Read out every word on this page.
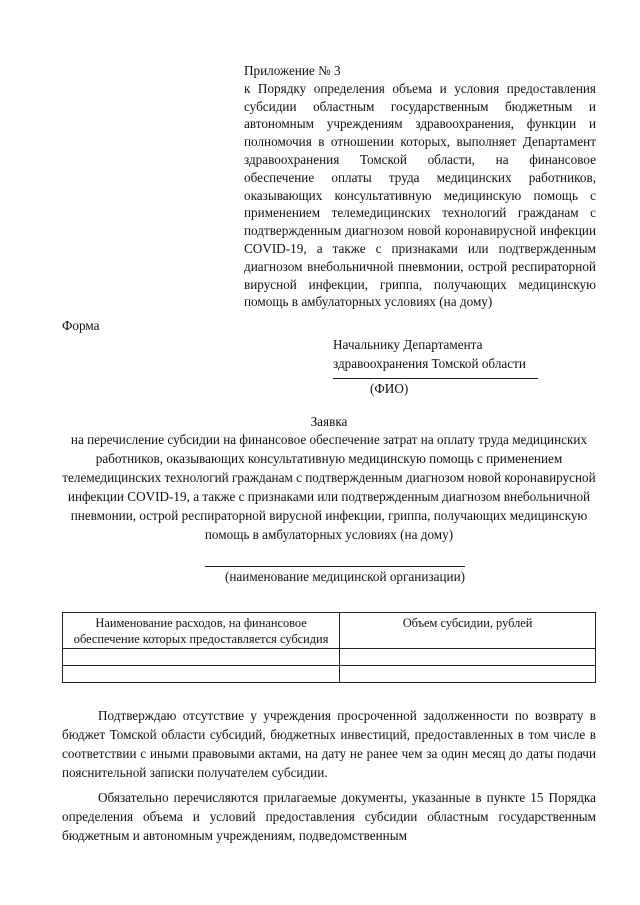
Приложение № 3
к Порядку определения объема и условия предоставления субсидии областным государственным бюджетным и автономным учреждениям здравоохранения, функции и полномочия в отношении которых, выполняет Департамент здравоохранения Томской области, на финансовое обеспечение оплаты труда медицинских работников, оказывающих консультативную медицинскую помощь с применением телемедицинских технологий гражданам с подтвержденным диагнозом новой коронавирусной инфекции COVID-19, а также с признаками или подтвержденным диагнозом внебольничной пневмонии, острой респираторной вирусной инфекции, гриппа, получающих медицинскую помощь в амбулаторных условиях (на дому)
Форма
Начальнику Департамента
здравоохранения Томской области
(ФИО)
Заявка
на перечисление субсидии на финансовое обеспечение затрат на оплату труда медицинских работников, оказывающих консультативную медицинскую помощь с применением телемедицинских технологий гражданам с подтвержденным диагнозом новой коронавирусной инфекции COVID-19, а также с признаками или подтвержденным диагнозом внебольничной пневмонии, острой респираторной вирусной инфекции, гриппа, получающих медицинскую помощь в амбулаторных условиях (на дому)
(наименование медицинской организации)
Наименование расходов, на финансовое обеспечение которых предоставляется субсидия	Объем субсидии, рублей

Подтверждаю отсутствие у учреждения просроченной задолженности по возврату в бюджет Томской области субсидий, бюджетных инвестиций, предоставленных в том числе в соответствии с иными правовыми актами, на дату не ранее чем за один месяц до даты подачи пояснительной записки получателем субсидии.
Обязательно перечисляются прилагаемые документы, указанные в пункте 15 Порядка определения объема и условий предоставления субсидии областным государственным бюджетным и автономным учреждениям, подведомственным
